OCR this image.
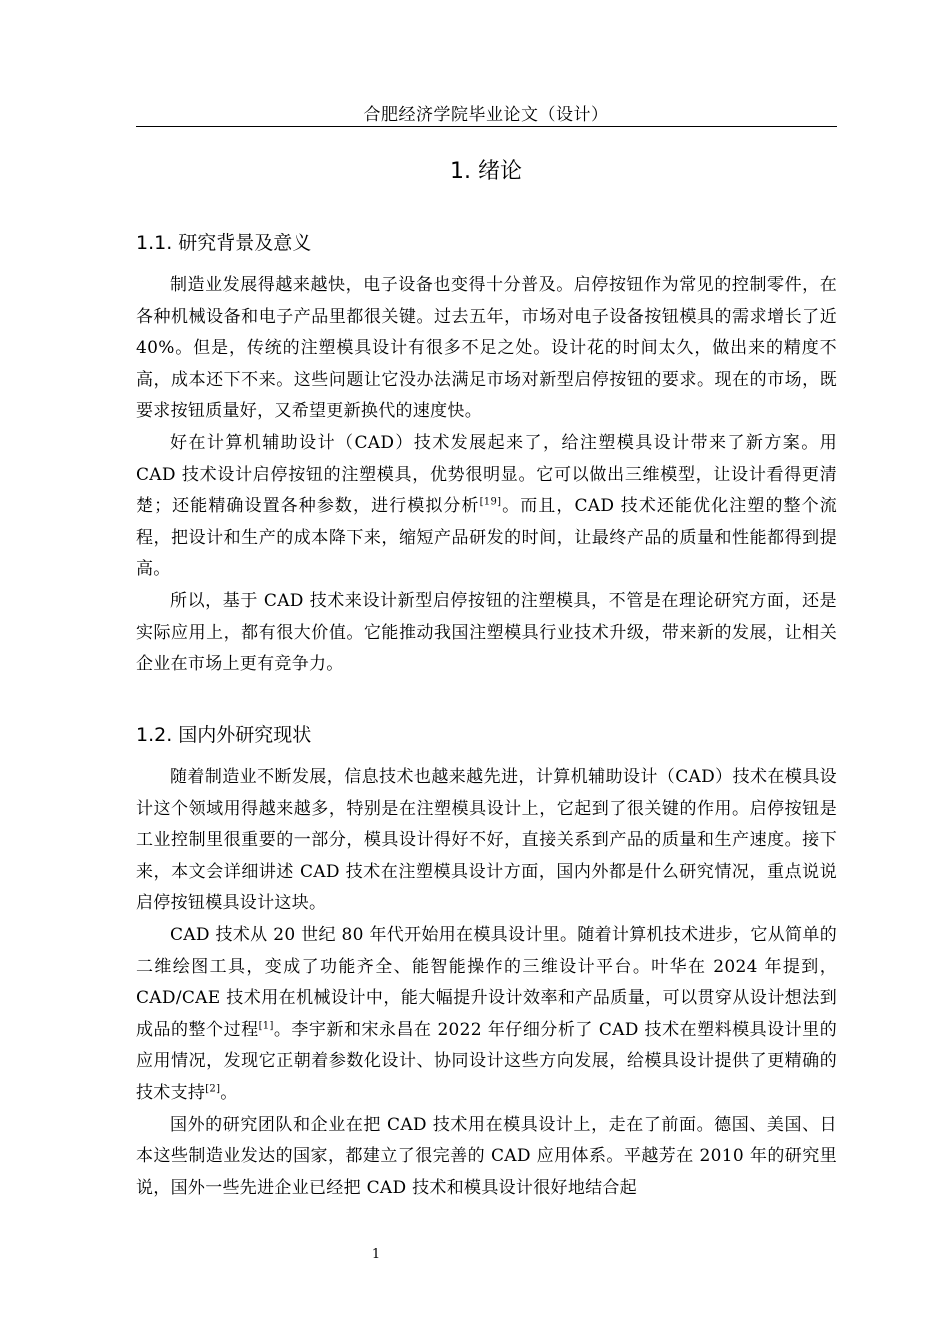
合肥经济学院毕业论文（设计）
1. 绪论
1.1. 研究背景及意义

制造业发展得越来越快，电子设备也变得十分普及。启停按钮作为常见的控制零件，在各种机械设备和电子产品里都很关键。过去五年，市场对电子设备按钮模具的需求增长了近 40%。但是，传统的注塑模具设计有很多不足之处。设计花的时间太久，做出来的精度不高，成本还下不来。这些问题让它没办法满足市场对新型启停按钮的要求。现在的市场，既要求按钮质量好，又希望更新换代的速度快。

好在计算机辅助设计（CAD）技术发展起来了，给注塑模具设计带来了新方案。用 CAD 技术设计启停按钮的注塑模具，优势很明显。它可以做出三维模型，让设计看得更清楚；还能精确设置各种参数，进行模拟分析[19]。而且，CAD 技术还能优化注塑的整个流程，把设计和生产的成本降下来，缩短产品研发的时间，让最终产品的质量和性能都得到提高。

所以，基于 CAD 技术来设计新型启停按钮的注塑模具，不管是在理论研究方面，还是实际应用上，都有很大价值。它能推动我国注塑模具行业技术升级，带来新的发展，让相关企业在市场上更有竞争力。

1.2. 国内外研究现状

随着制造业不断发展，信息技术也越来越先进，计算机辅助设计（CAD）技术在模具设计这个领域用得越来越多，特别是在注塑模具设计上，它起到了很关键的作用。启停按钮是工业控制里很重要的一部分，模具设计得好不好，直接关系到产品的质量和生产速度。接下来，本文会详细讲述 CAD 技术在注塑模具设计方面，国内外都是什么研究情况，重点说说启停按钮模具设计这块。

CAD 技术从 20 世纪 80 年代开始用在模具设计里。随着计算机技术进步，它从简单的二维绘图工具，变成了功能齐全、能智能操作的三维设计平台。叶华在 2024 年提到，CAD/CAE 技术用在机械设计中，能大幅提升设计效率和产品质量，可以贯穿从设计想法到成品的整个过程[1]。李宇新和宋永昌在 2022 年仔细分析了 CAD 技术在塑料模具设计里的应用情况，发现它正朝着参数化设计、协同设计这些方向发展，给模具设计提供了更精确的技术支持[2]。

国外的研究团队和企业在把 CAD 技术用在模具设计上，走在了前面。德国、美国、日本这些制造业发达的国家，都建立了很完善的 CAD 应用体系。平越芳在 2010 年的研究里说，国外一些先进企业已经把 CAD 技术和模具设计很好地结合起

1
